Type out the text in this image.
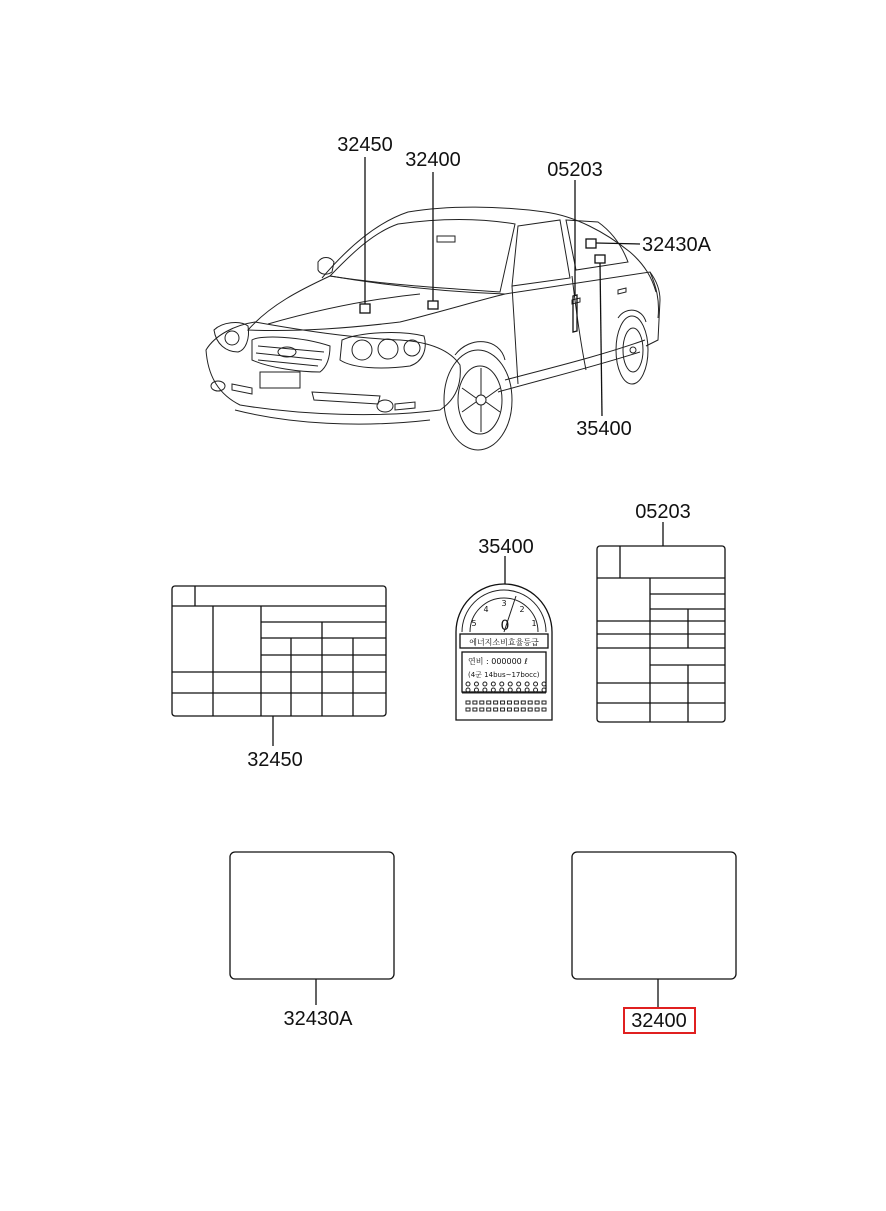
32450
32400	05203
32430A
35400
32450
에너지소비효율등급
5
4
3
2
1
0
연비 : 000000 ℓ
(4군 14bus~17bocc)
35400
05203
32430A	32400
